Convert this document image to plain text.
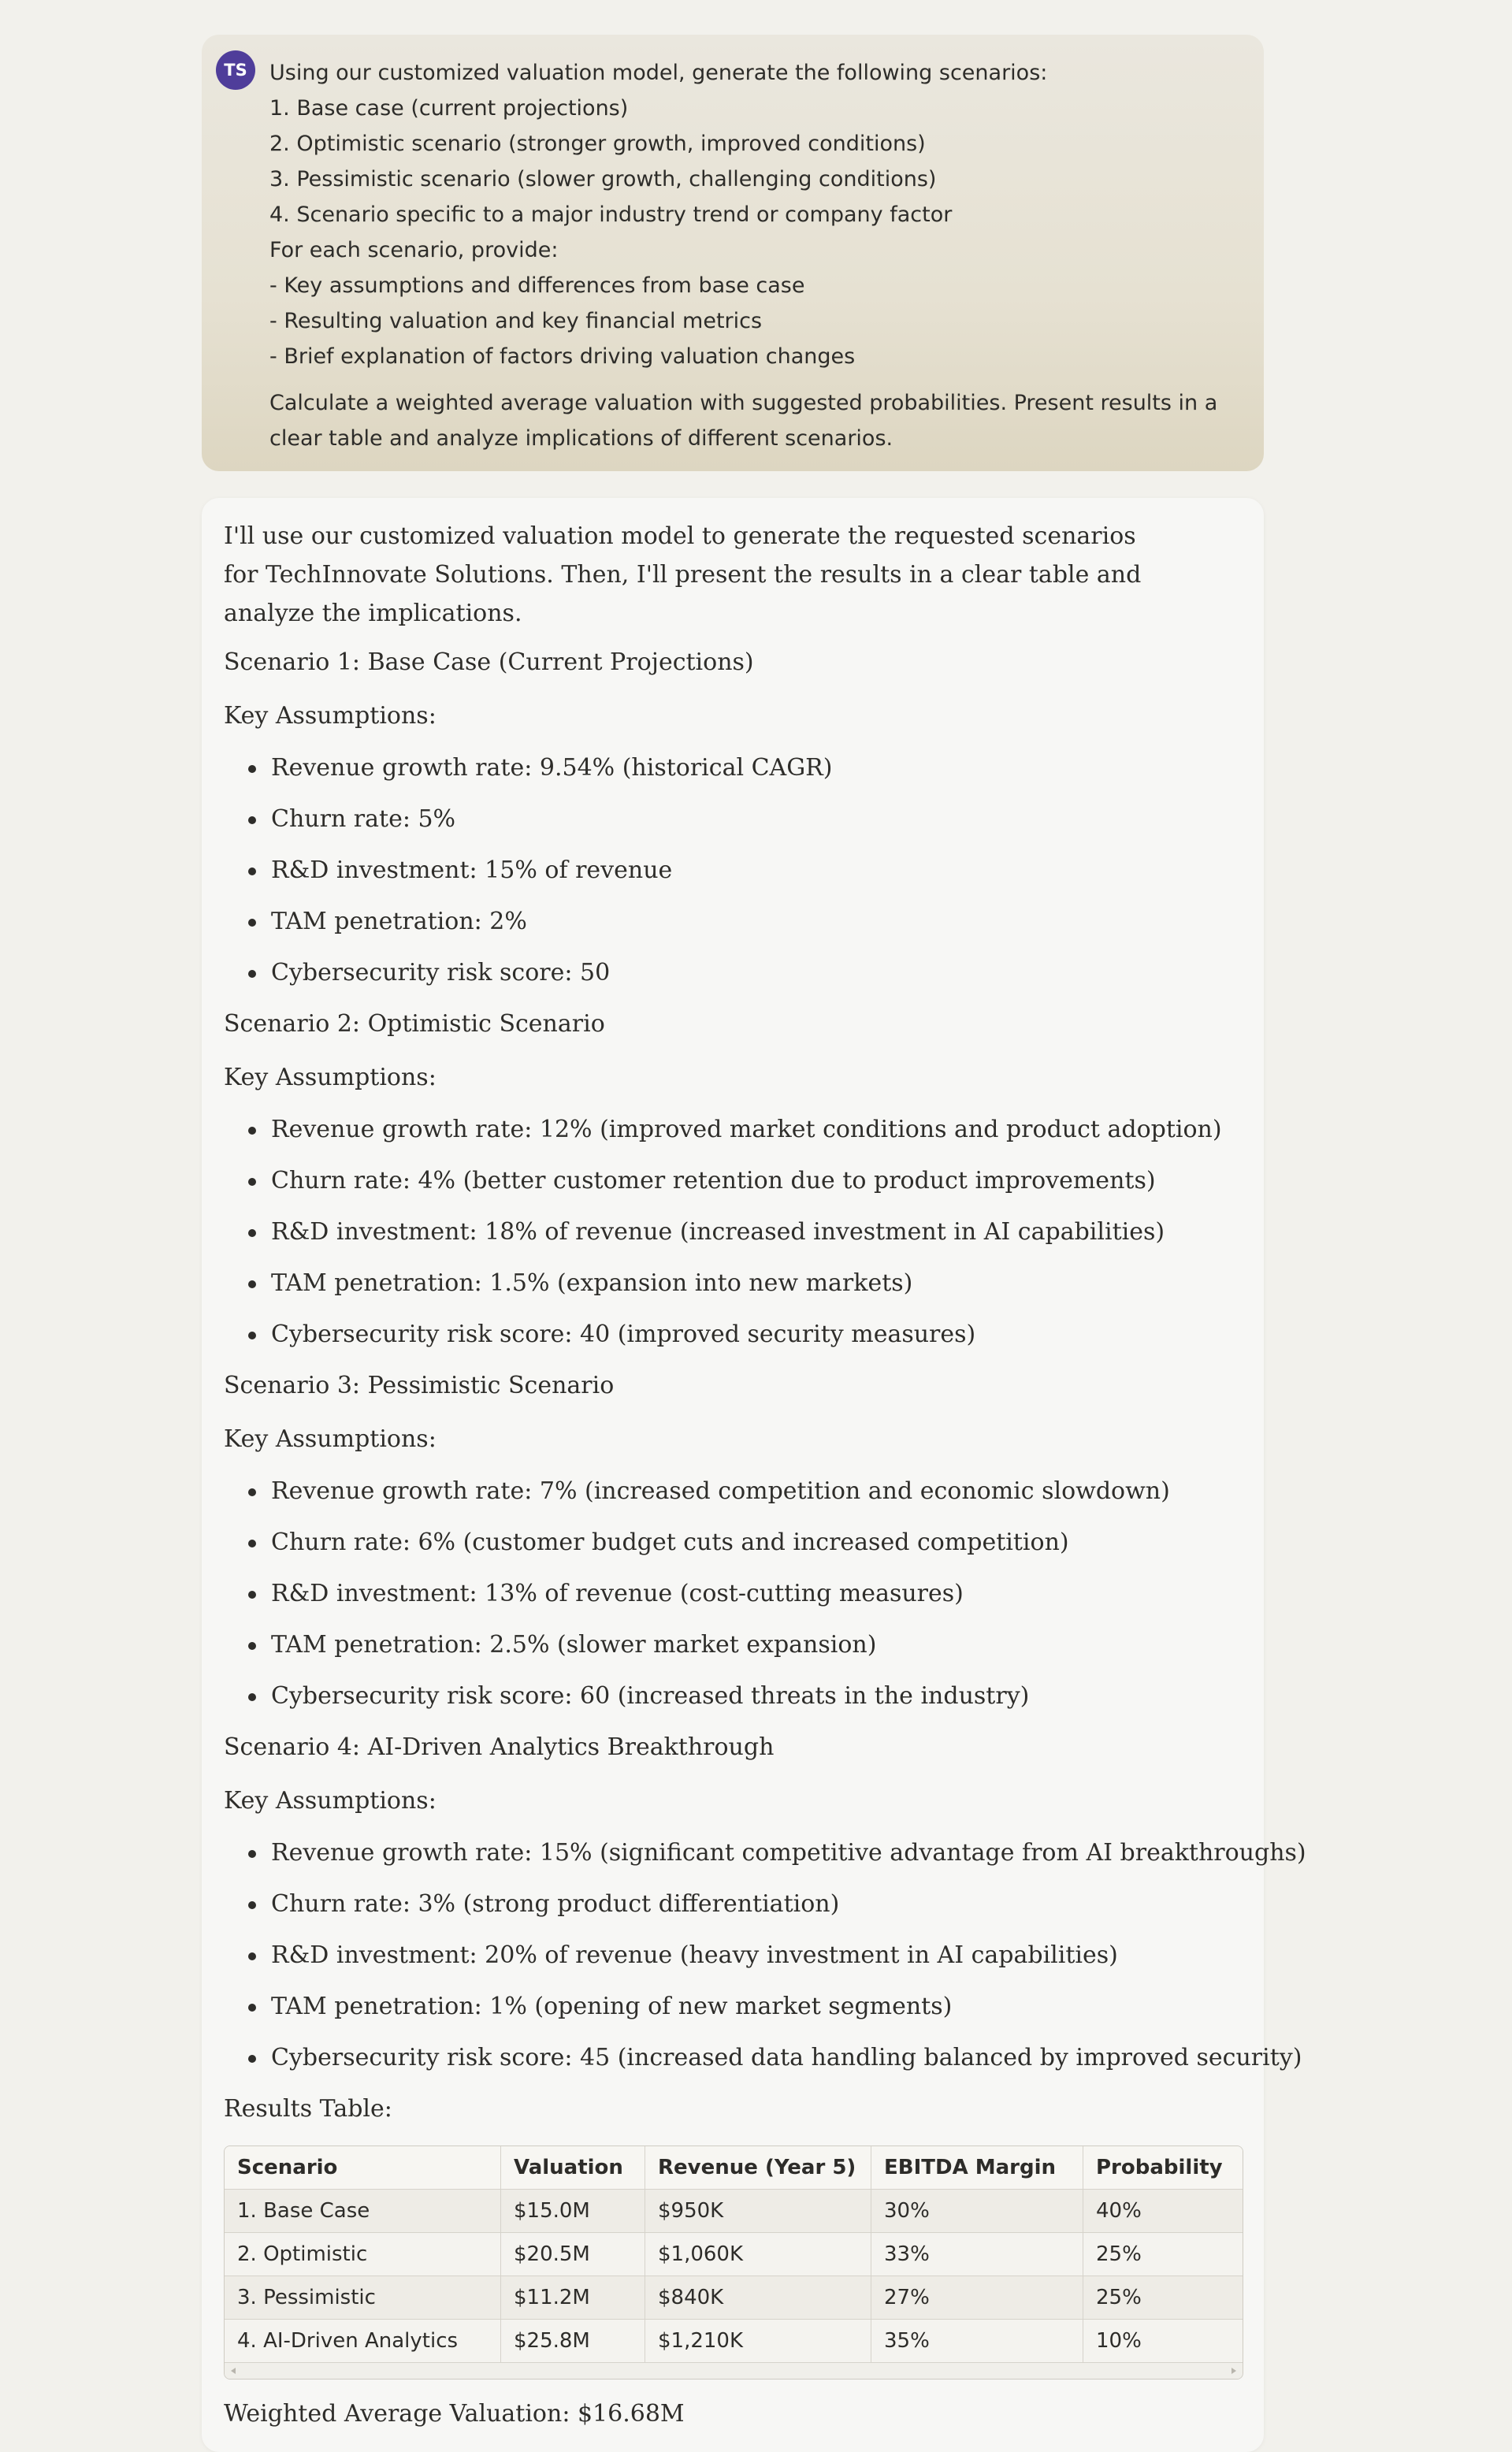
TS	Using our customized valuation model, generate the following scenarios:
1. Base case (current projections)
2. Optimistic scenario (stronger growth, improved conditions)
3. Pessimistic scenario (slower growth, challenging conditions)
4. Scenario specific to a major industry trend or company factor
For each scenario, provide:
- Key assumptions and differences from base case
- Resulting valuation and key financial metrics
- Brief explanation of factors driving valuation changes
Calculate a weighted average valuation with suggested probabilities. Present results in a clear table and analyze implications of different scenarios.

I'll use our customized valuation model to generate the requested scenarios for TechInnovate Solutions. Then, I'll present the results in a clear table and analyze the implications.

Scenario 1: Base Case (Current Projections)
Key Assumptions:
Revenue growth rate: 9.54% (historical CAGR)
Churn rate: 5%
R&D investment: 15% of revenue
TAM penetration: 2%
Cybersecurity risk score: 50
Scenario 2: Optimistic Scenario
Key Assumptions:
Revenue growth rate: 12% (improved market conditions and product adoption)
Churn rate: 4% (better customer retention due to product improvements)
R&D investment: 18% of revenue (increased investment in AI capabilities)
TAM penetration: 1.5% (expansion into new markets)
Cybersecurity risk score: 40 (improved security measures)
Scenario 3: Pessimistic Scenario
Key Assumptions:
Revenue growth rate: 7% (increased competition and economic slowdown)
Churn rate: 6% (customer budget cuts and increased competition)
R&D investment: 13% of revenue (cost-cutting measures)
TAM penetration: 2.5% (slower market expansion)
Cybersecurity risk score: 60 (increased threats in the industry)
Scenario 4: AI-Driven Analytics Breakthrough
Key Assumptions:
Revenue growth rate: 15% (significant competitive advantage from AI breakthroughs)
Churn rate: 3% (strong product differentiation)
R&D investment: 20% of revenue (heavy investment in AI capabilities)
TAM penetration: 1% (opening of new market segments)
Cybersecurity risk score: 45 (increased data handling balanced by improved security)
Results Table:
Scenario	Valuation	Revenue (Year 5)	EBITDA Margin	Probability
1. Base Case	$15.0M	$950K	30%	40%
2. Optimistic	$20.5M	$1,060K	33%	25%
3. Pessimistic	$11.2M	$840K	27%	25%
4. AI-Driven Analytics	$25.8M	$1,210K	35%	10%
Weighted Average Valuation: $16.68M
